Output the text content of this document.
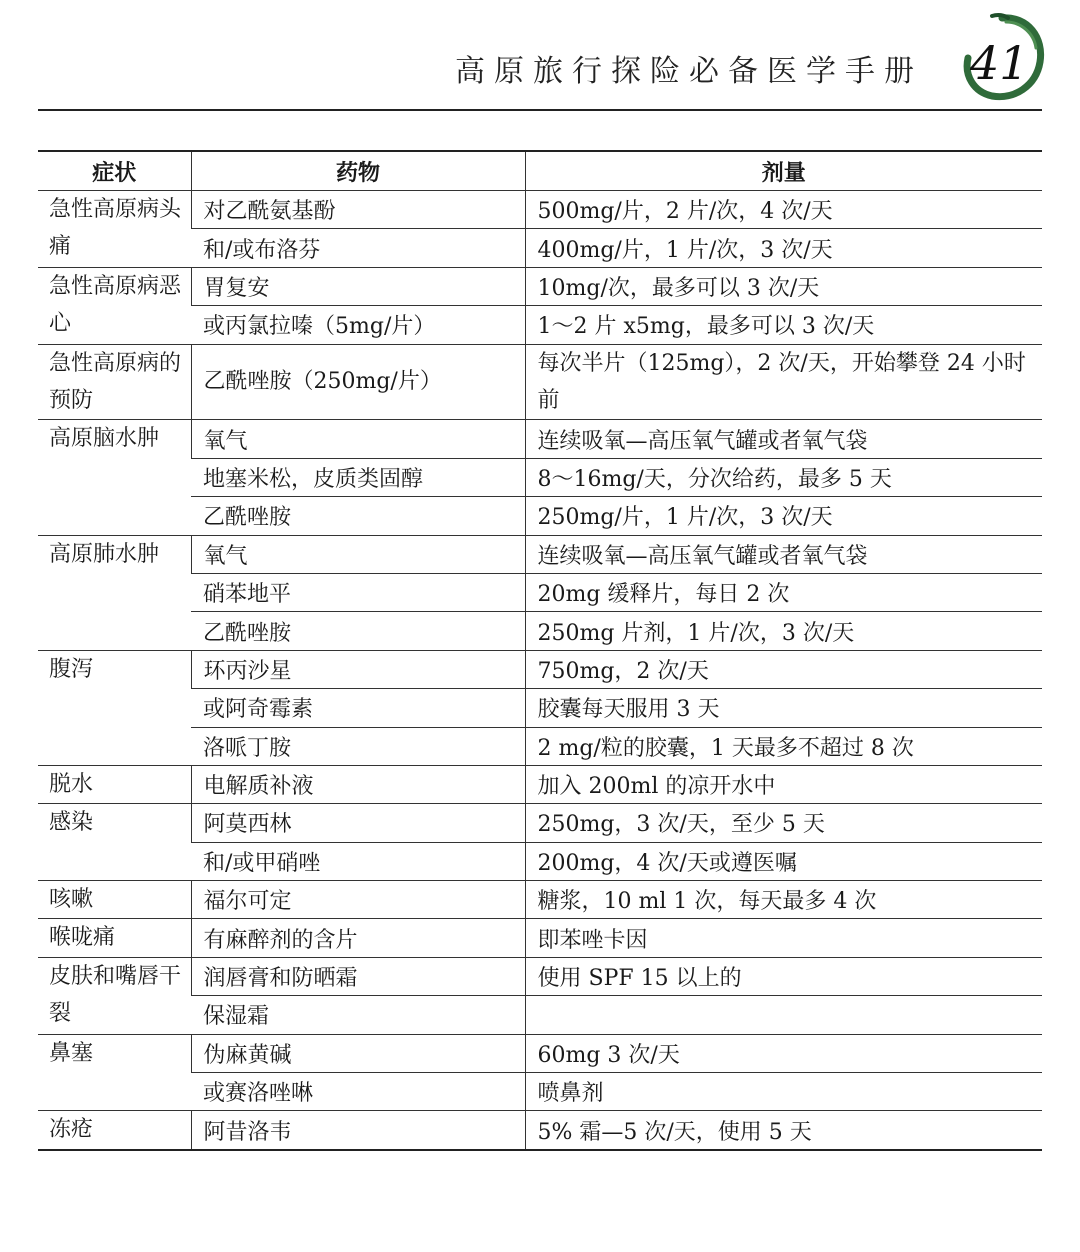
高原旅行探险必备医学手册 41
症状	药物	剂量
急性高原病头痛	对乙酰氨基酚	500mg/片，2 片/次，4 次/天
	和/或布洛芬	400mg/片，1 片/次，3 次/天
急性高原病恶心	胃复安	10mg/次，最多可以 3 次/天
	或丙氯拉嗪（5mg/片）	1～2 片 x5mg，最多可以 3 次/天
急性高原病的预防	乙酰唑胺（250mg/片）	每次半片（125mg），2 次/天，开始攀登 24 小时前
高原脑水肿	氧气	连续吸氧—高压氧气罐或者氧气袋
	地塞米松，皮质类固醇	8～16mg/天，分次给药，最多 5 天
	乙酰唑胺	250mg/片，1 片/次，3 次/天
高原肺水肿	氧气	连续吸氧—高压氧气罐或者氧气袋
	硝苯地平	20mg 缓释片，每日 2 次
	乙酰唑胺	250mg 片剂，1 片/次，3 次/天
腹泻	环丙沙星	750mg，2 次/天
	或阿奇霉素	胶囊每天服用 3 天
	洛哌丁胺	2 mg/粒的胶囊，1 天最多不超过 8 次
脱水	电解质补液	加入 200ml 的凉开水中
感染	阿莫西林	250mg，3 次/天，至少 5 天
	和/或甲硝唑	200mg，4 次/天或遵医嘱
咳嗽	福尔可定	糖浆，10 ml 1 次，每天最多 4 次
喉咙痛	有麻醉剂的含片	即苯唑卡因
皮肤和嘴唇干裂	润唇膏和防晒霜	使用 SPF 15 以上的
	保湿霜	
鼻塞	伪麻黄碱	60mg 3 次/天
	或赛洛唑啉	喷鼻剂
冻疮	阿昔洛韦	5% 霜—5 次/天，使用 5 天
